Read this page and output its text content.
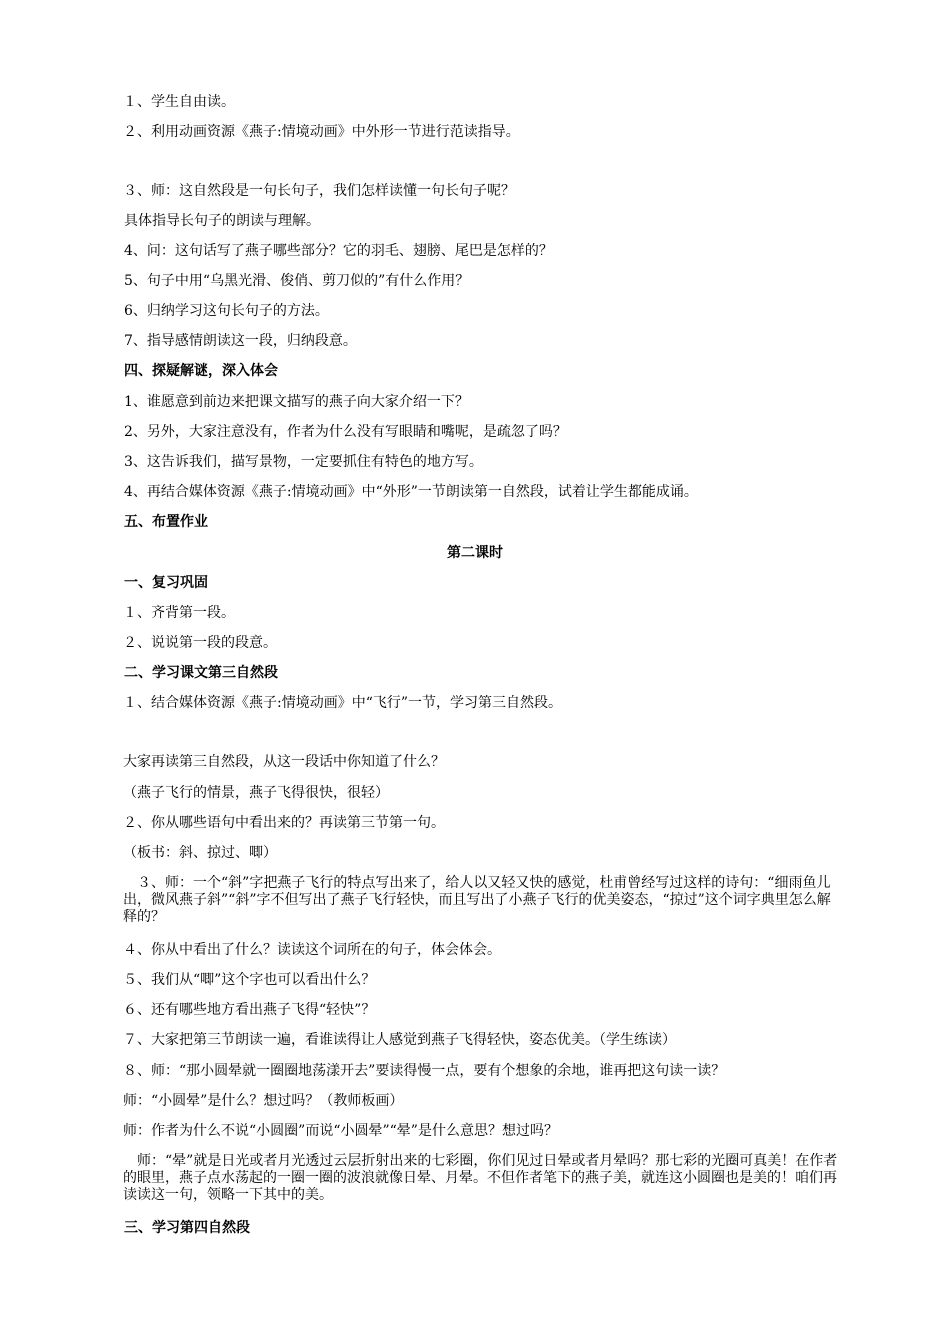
１、学生自由读。
２、利用动画资源《燕子:情境动画》中外形一节进行范读指导。
３、师：这自然段是一句长句子，我们怎样读懂一句长句子呢？
具体指导长句子的朗读与理解。
4、问：这句话写了燕子哪些部分？它的羽毛、翅膀、尾巴是怎样的？
5、句子中用“乌黑光滑、俊俏、剪刀似的”有什么作用？
6、归纳学习这句长句子的方法。
7、指导感情朗读这一段，归纳段意。
四、探疑解谜，深入体会
1、谁愿意到前边来把课文描写的燕子向大家介绍一下？
2、另外，大家注意没有，作者为什么没有写眼睛和嘴呢，是疏忽了吗？
3、这告诉我们，描写景物，一定要抓住有特色的地方写。
4、再结合媒体资源《燕子:情境动画》中“外形”一节朗读第一自然段，试着让学生都能成诵。
五、布置作业
第二课时
一、复习巩固
１、齐背第一段。
２、说说第一段的段意。
二、学习课文第三自然段
１、结合媒体资源《燕子:情境动画》中“飞行”一节，学习第三自然段。
大家再读第三自然段，从这一段话中你知道了什么？
（燕子飞行的情景，燕子飞得很快，很轻）
２、你从哪些语句中看出来的？再读第三节第一句。
（板书：斜、掠过、唧）
３、师：一个“斜”字把燕子飞行的特点写出来了，给人以又轻又快的感觉，杜甫曾经写过这样的诗句：“细雨鱼儿出，微风燕子斜”“斜”字不但写出了燕子飞行轻快，而且写出了小燕子飞行的优美姿态，“掠过”这个词字典里怎么解释的？
４、你从中看出了什么？读读这个词所在的句子，体会体会。
５、我们从“唧”这个字也可以看出什么？
６、还有哪些地方看出燕子飞得“轻快”？
７、大家把第三节朗读一遍，看谁读得让人感觉到燕子飞得轻快，姿态优美。（学生练读）
８、师：“那小圆晕就一圈圈地荡漾开去”要读得慢一点，要有个想象的余地，谁再把这句读一读？
师：“小圆晕”是什么？想过吗？（教师板画）
师：作者为什么不说“小圆圈”而说“小圆晕”“晕”是什么意思？想过吗？
师：“晕”就是日光或者月光透过云层折射出来的七彩圈，你们见过日晕或者月晕吗？那七彩的光圈可真美！在作者的眼里，燕子点水荡起的一圈一圈的波浪就像日晕、月晕。不但作者笔下的燕子美，就连这小圆圈也是美的！咱们再读读这一句，领略一下其中的美。
三、学习第四自然段
